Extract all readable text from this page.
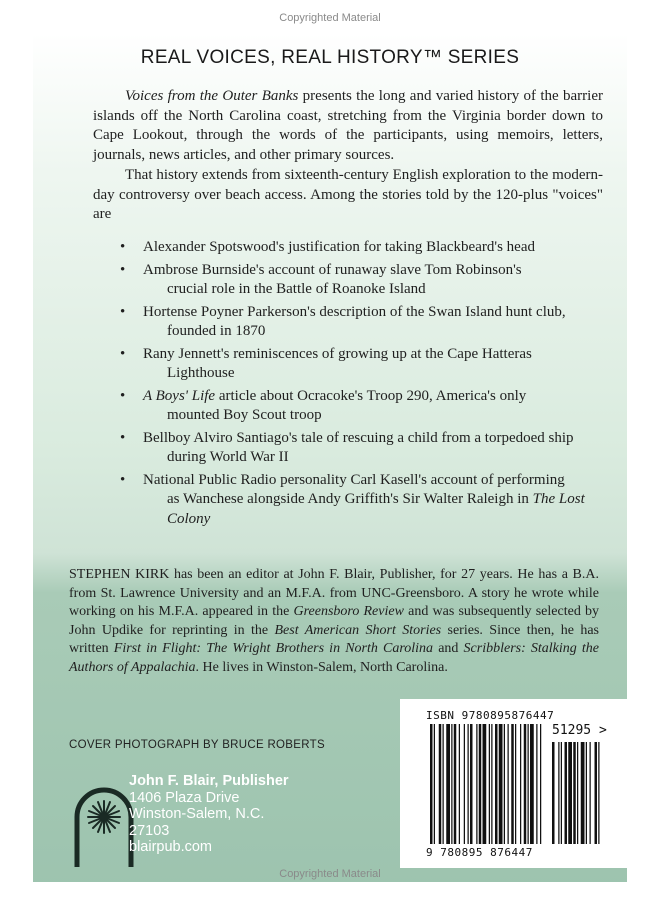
Copyrighted Material
REAL VOICES, REAL HISTORY™ SERIES

Voices from the Outer Banks presents the long and varied history of the barrier islands off the North Carolina coast, stretching from the Virginia border down to Cape Lookout, through the words of the participants, using memoirs, letters, journals, news articles, and other primary sources.

That history extends from sixteenth-century English exploration to the modern-day controversy over beach access. Among the stories told by the 120-plus "voices" are

• Alexander Spotswood's justification for taking Blackbeard's head
• Ambrose Burnside's account of runaway slave Tom Robinson's
crucial role in the Battle of Roanoke Island
• Hortense Poyner Parkerson's description of the Swan Island hunt club,
founded in 1870
• Rany Jennett's reminiscences of growing up at the Cape Hatteras
Lighthouse
• A Boys' Life article about Ocracoke's Troop 290, America's only
mounted Boy Scout troop
• Bellboy Alviro Santiago's tale of rescuing a child from a torpedoed ship
during World War II
• National Public Radio personality Carl Kasell's account of performing
as Wanchese alongside Andy Griffith's Sir Walter Raleigh in The Lost
Colony

STEPHEN KIRK has been an editor at John F. Blair, Publisher, for 27 years. He has a B.A. from St. Lawrence University and an M.F.A. from UNC-Greensboro. A story he wrote while working on his M.F.A. appeared in the Greensboro Review and was subsequently selected by John Updike for reprinting in the Best American Short Stories series. Since then, he has written First in Flight: The Wright Brothers in North Carolina and Scribblers: Stalking the Authors of Appalachia. He lives in Winston-Salem, North Carolina.

COVER PHOTOGRAPH BY BRUCE ROBERTS
John F. Blair, Publisher
1406 Plaza Drive
Winston-Salem, N.C.
27103
blairpub.com
ISBN 9780895876447
51295 >
9 780895 876447
Copyrighted Material
